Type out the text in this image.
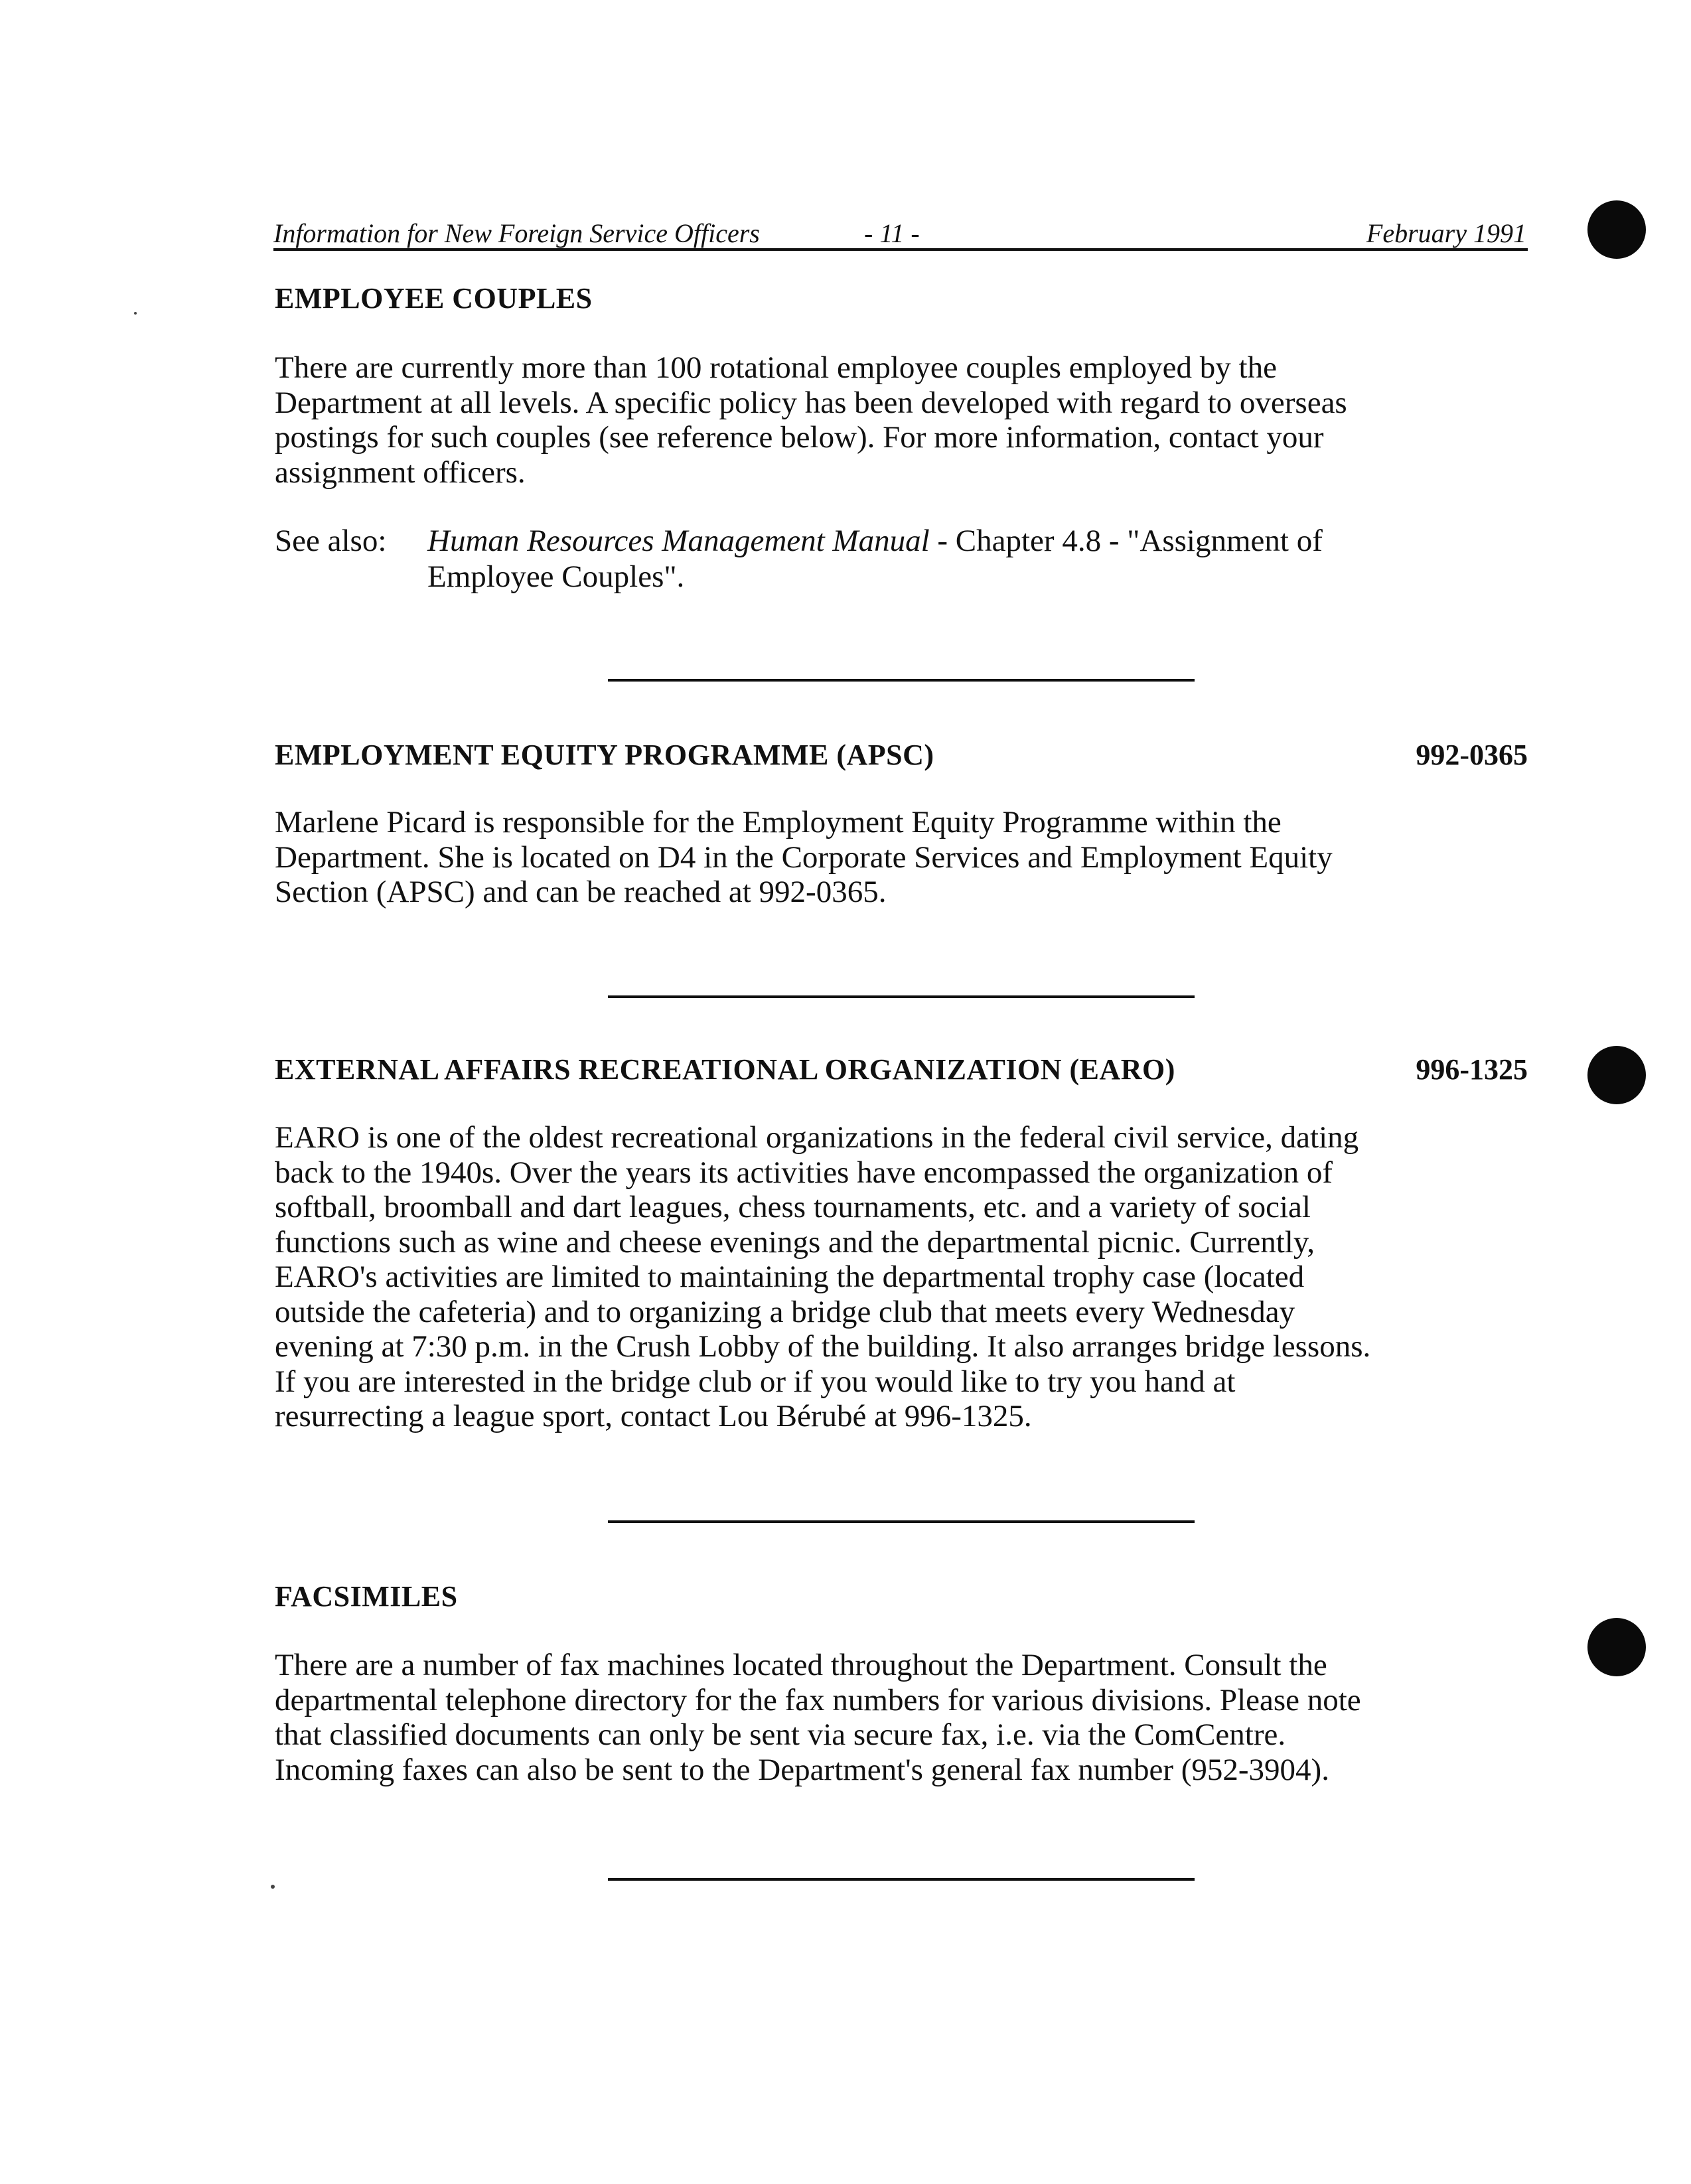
Information for New Foreign Service Officers	- 11 -	February 1991
EMPLOYEE COUPLES

There are currently more than 100 rotational employee couples employed by the
Department at all levels. A specific policy has been developed with regard to overseas
postings for such couples (see reference below). For more information, contact your
assignment officers.

See also: Human Resources Management Manual - Chapter 4.8 - "Assignment of
Employee Couples".
EMPLOYMENT EQUITY PROGRAMME (APSC)	992-0365

Marlene Picard is responsible for the Employment Equity Programme within the
Department. She is located on D4 in the Corporate Services and Employment Equity
Section (APSC) and can be reached at 992-0365.

EXTERNAL AFFAIRS RECREATIONAL ORGANIZATION (EARO)	996-1325

EARO is one of the oldest recreational organizations in the federal civil service, dating
back to the 1940s. Over the years its activities have encompassed the organization of
softball, broomball and dart leagues, chess tournaments, etc. and a variety of social
functions such as wine and cheese evenings and the departmental picnic. Currently,
EARO's activities are limited to maintaining the departmental trophy case (located
outside the cafeteria) and to organizing a bridge club that meets every Wednesday
evening at 7:30 p.m. in the Crush Lobby of the building. It also arranges bridge lessons.
If you are interested in the bridge club or if you would like to try you hand at
resurrecting a league sport, contact Lou Bérubé at 996-1325.

FACSIMILES

There are a number of fax machines located throughout the Department. Consult the
departmental telephone directory for the fax numbers for various divisions. Please note
that classified documents can only be sent via secure fax, i.e. via the ComCentre.
Incoming faxes can also be sent to the Department's general fax number (952-3904).
